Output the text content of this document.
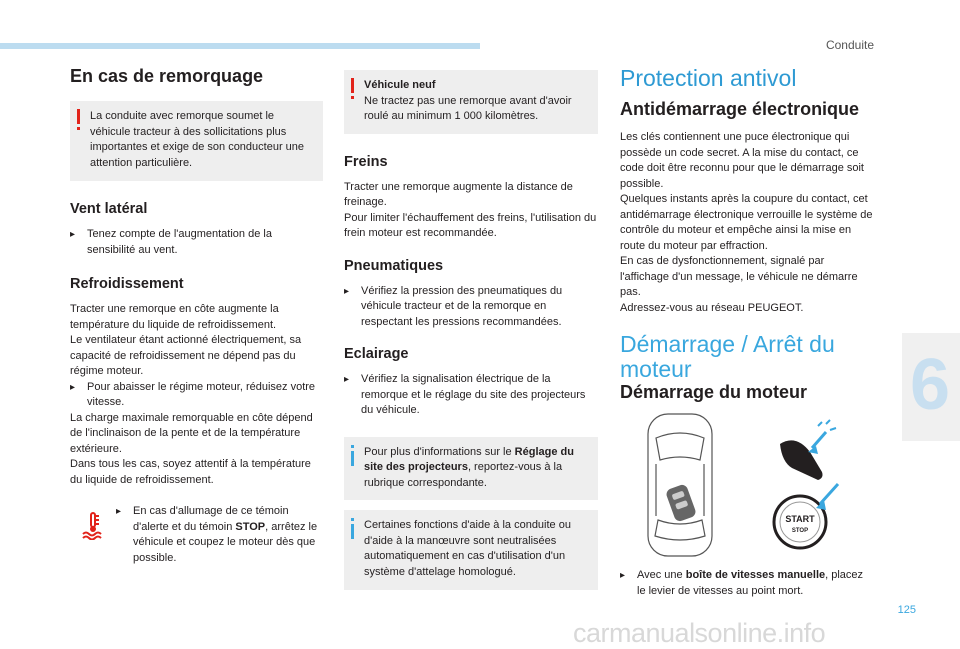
Conduite
En cas de remorquage

La conduite avec remorque soumet le véhicule tracteur à des sollicitations plus importantes et exige de son conducteur une attention particulière.

Vent latéral
▸	Tenez compte de l'augmentation de la sensibilité au vent.
Refroidissement

Tracter une remorque en côte augmente la température du liquide de refroidissement.

Le ventilateur étant actionné électriquement, sa capacité de refroidissement ne dépend pas du régime moteur.

▸	Pour abaisser le régime moteur, réduisez votre vitesse.

La charge maximale remorquable en côte dépend de l'inclinaison de la pente et de la température extérieure.

Dans tous les cas, soyez attentif à la température du liquide de refroidissement.

▸	En cas d'allumage de ce témoin d'alerte et du témoin STOP, arrêtez le véhicule et coupez le moteur dès que possible.

Véhicule neuf

Ne tractez pas une remorque avant d'avoir roulé au minimum 1 000 kilomètres.

Freins

Tracter une remorque augmente la distance de freinage.

Pour limiter l'échauffement des freins, l'utilisation du frein moteur est recommandée.

Pneumatiques
▸	Vérifiez la pression des pneumatiques du véhicule tracteur et de la remorque en respectant les pressions recommandées.
Eclairage
▸	Vérifiez la signalisation électrique de la remorque et le réglage du site des projecteurs du véhicule.

Pour plus d'informations sur le Réglage du site des projecteurs, reportez-vous à la rubrique correspondante.

Certaines fonctions d'aide à la conduite ou d'aide à la manœuvre sont neutralisées automatiquement en cas d'utilisation d'un système d'attelage homologué.

Protection antivol
Antidémarrage électronique

Les clés contiennent une puce électronique qui possède un code secret. A la mise du contact, ce code doit être reconnu pour que le démarrage soit possible.

Quelques instants après la coupure du contact, cet antidémarrage électronique verrouille le système de contrôle du moteur et empêche ainsi la mise en route du moteur par effraction.

En cas de dysfonctionnement, signalé par l'affichage d'un message, le véhicule ne démarre pas.

Adressez-vous au réseau PEUGEOT.

Démarrage / Arrêt du
moteur
Démarrage du moteur
START
STOP
▸	Avec une boîte de vitesses manuelle, placez le levier de vitesses au point mort.
6
125
carmanualsonline.info
